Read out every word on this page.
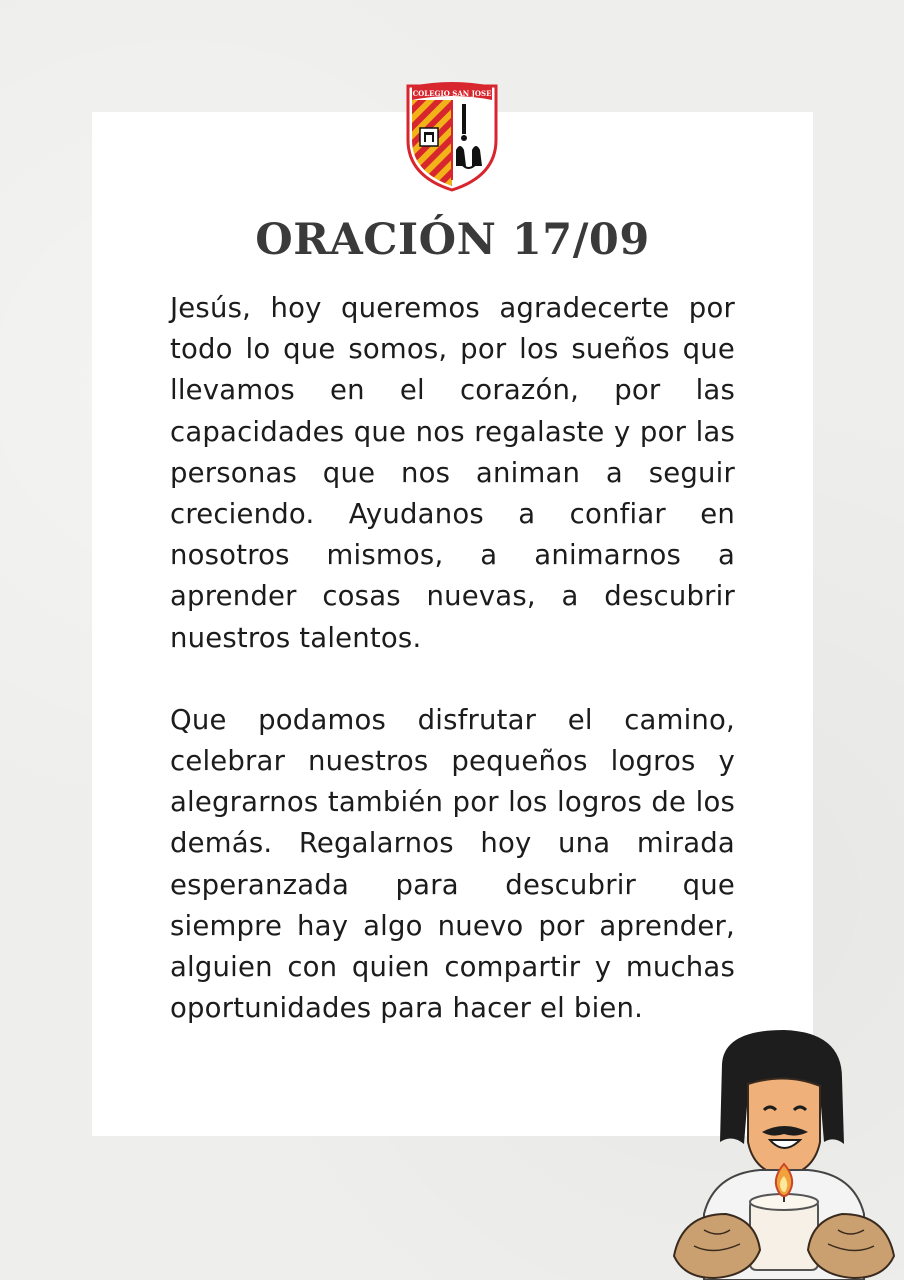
COLEGIO SAN JOSE
ORACIÓN 17/09

Jesús, hoy queremos agradecerte por todo lo que somos, por los sueños que llevamos en el corazón, por las capacidades que nos regalaste y por las personas que nos animan a seguir creciendo. Ayudanos a confiar en nosotros mismos, a animarnos a aprender cosas nuevas, a descubrir nuestros talentos.

Que podamos disfrutar el camino, celebrar nuestros pequeños logros y alegrarnos también por los logros de los demás. Regalarnos hoy una mirada esperanzada para descubrir que siempre hay algo nuevo por aprender, alguien con quien compartir y muchas oportunidades para hacer el bien.
